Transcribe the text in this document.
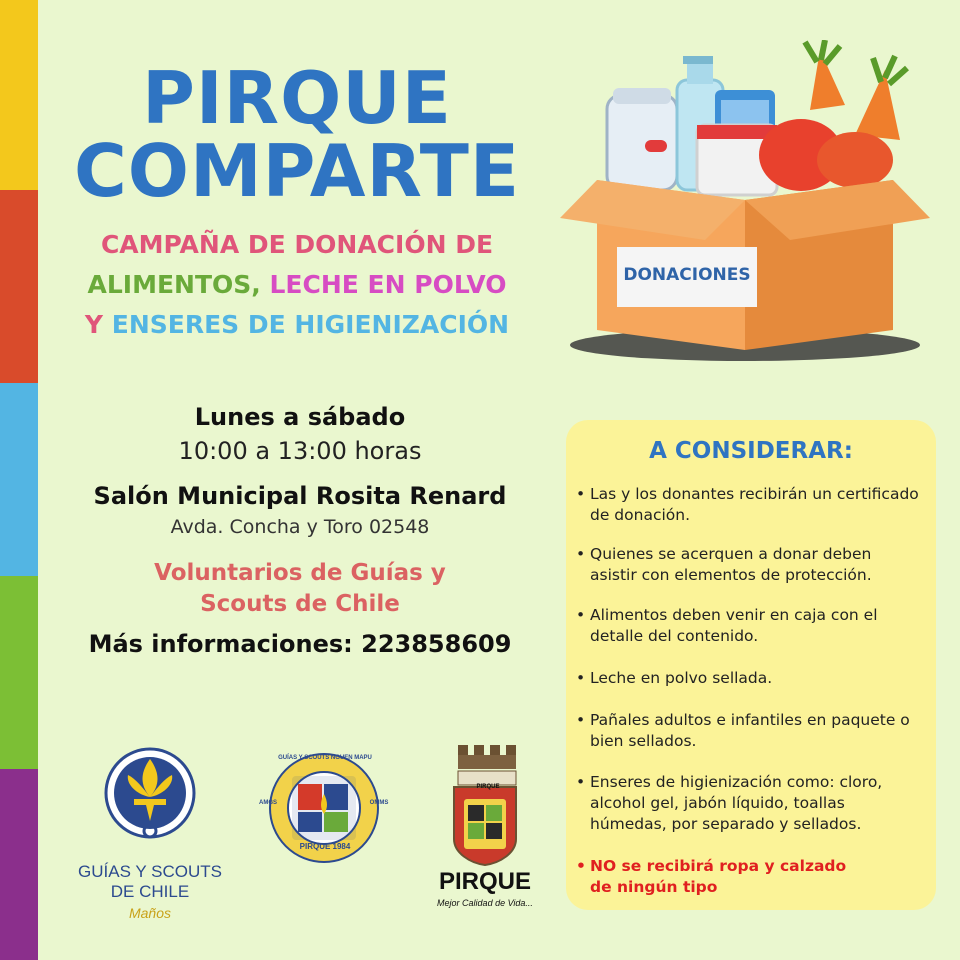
PIRQUE
COMPARTE
CAMPAÑA DE DONACIÓN DE
ALIMENTOS, LECHE EN POLVO
Y ENSERES DE HIGIENIZACIÓN
DONACIONES
Lunes a sábado
10:00 a 13:00 horas
Salón Municipal Rosita Renard
Avda. Concha y Toro 02548
Voluntarios de Guías y
Scouts de Chile
Más informaciones: 223858609
A CONSIDERAR:
• Las y los donantes recibirán un certificado
de donación.
• Quienes se acerquen a donar deben
asistir con elementos de protección.
• Alimentos deben venir en caja con el
detalle del contenido.
• Leche en polvo sellada.
• Pañales adultos e infantiles en paquete o
bien sellados.
• Enseres de higienización como: cloro,
alcohol gel, jabón líquido, toallas
húmedas, por separado y sellados.
• NO se recibirá ropa y calzado
de ningún tipo
GUÍAS Y SCOUTS
DE CHILE
Maños
GUÍAS Y SCOUTS NGUEN MAPU
AMGS	OMMS
PIRQUE 1984
PIRQUE
PIRQUE
Mejor Calidad de Vida...
